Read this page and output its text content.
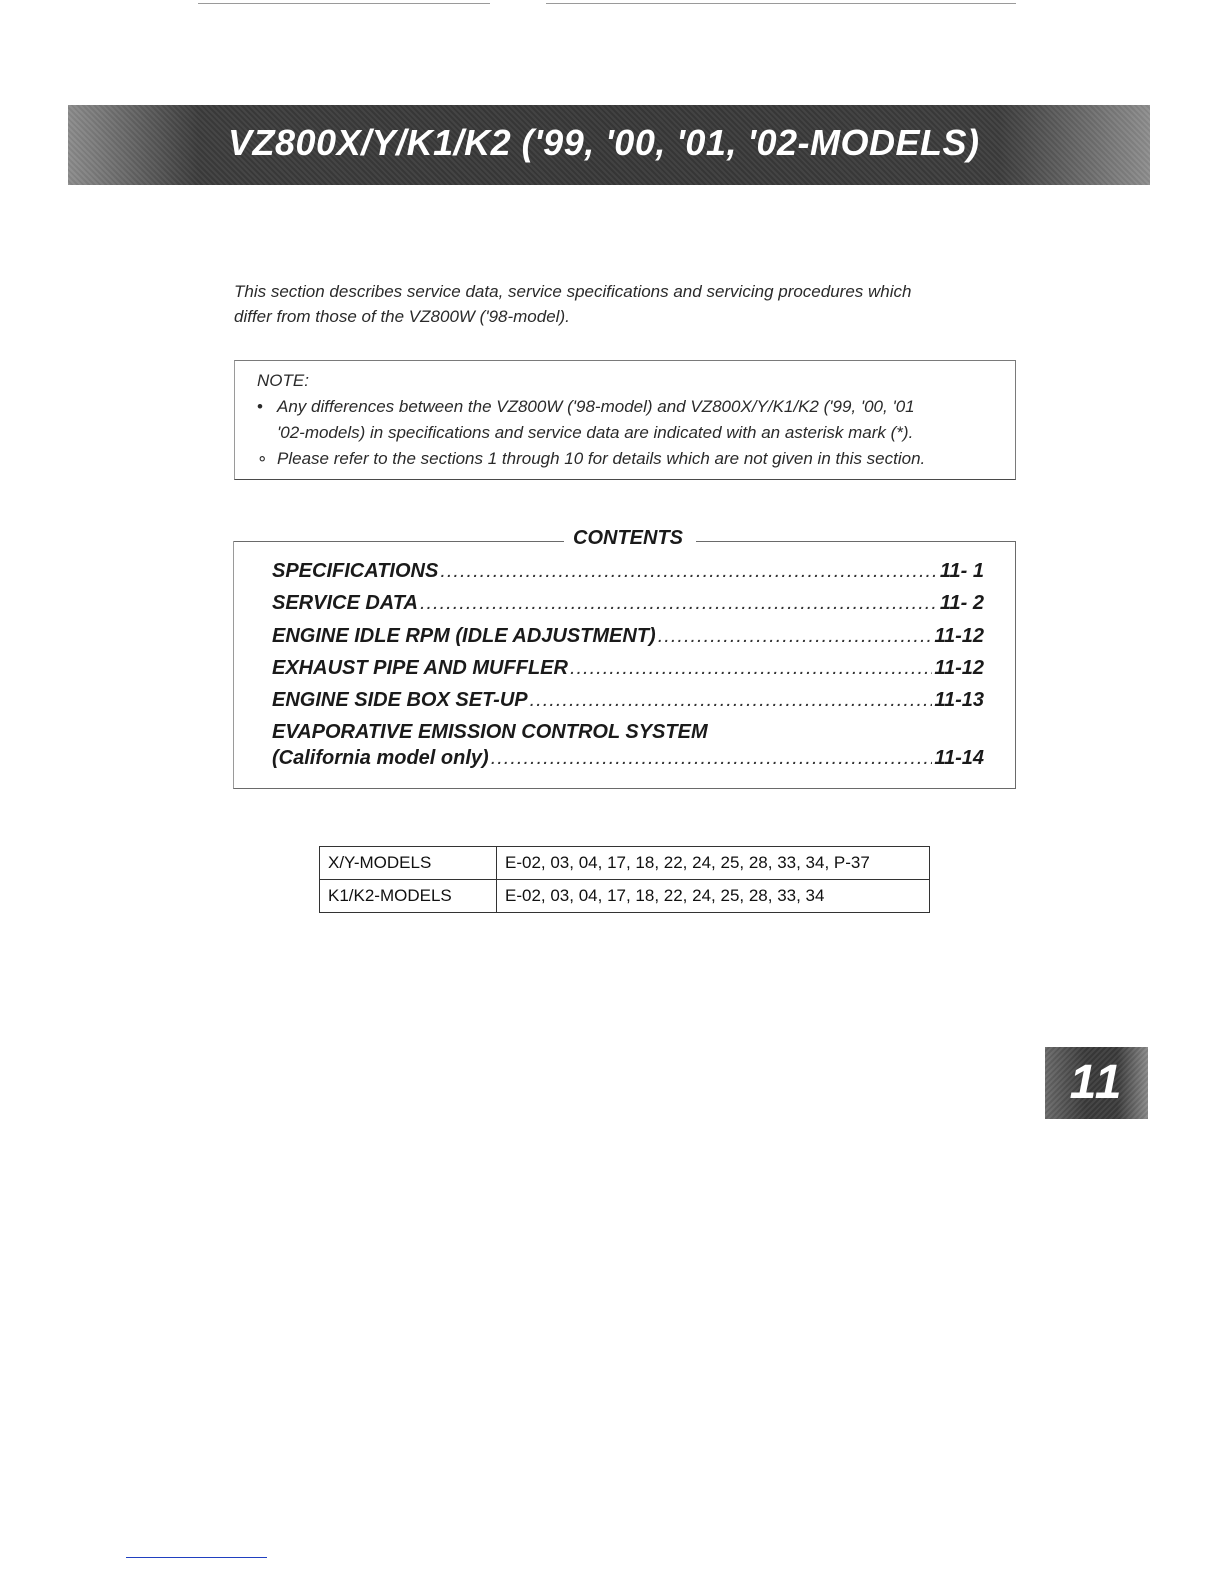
VZ800X/Y/K1/K2 ('99, '00, '01, '02-MODELS)
This section describes service data, service specifications and servicing procedures which
differ from those of the VZ800W ('98-model).
NOTE:
• Any differences between the VZ800W ('98-model) and VZ800X/Y/K1/K2 ('99, '00, '01
'02-models) in specifications and service data are indicated with an asterisk mark (*).
∘ Please refer to the sections 1 through 10 for details which are not given in this section.
CONTENTS
SPECIFICATIONS .....	11- 1
SERVICE DATA .....	11- 2
ENGINE IDLE RPM (IDLE ADJUSTMENT) .....	11-12
EXHAUST PIPE AND MUFFLER .....	11-12
ENGINE SIDE BOX SET-UP .....	11-13
EVAPORATIVE EMISSION CONTROL SYSTEM
(California model only) .....	11-14
X/Y-MODELS	E-02, 03, 04, 17, 18, 22, 24, 25, 28, 33, 34, P-37
K1/K2-MODELS	E-02, 03, 04, 17, 18, 22, 24, 25, 28, 33, 34
11
